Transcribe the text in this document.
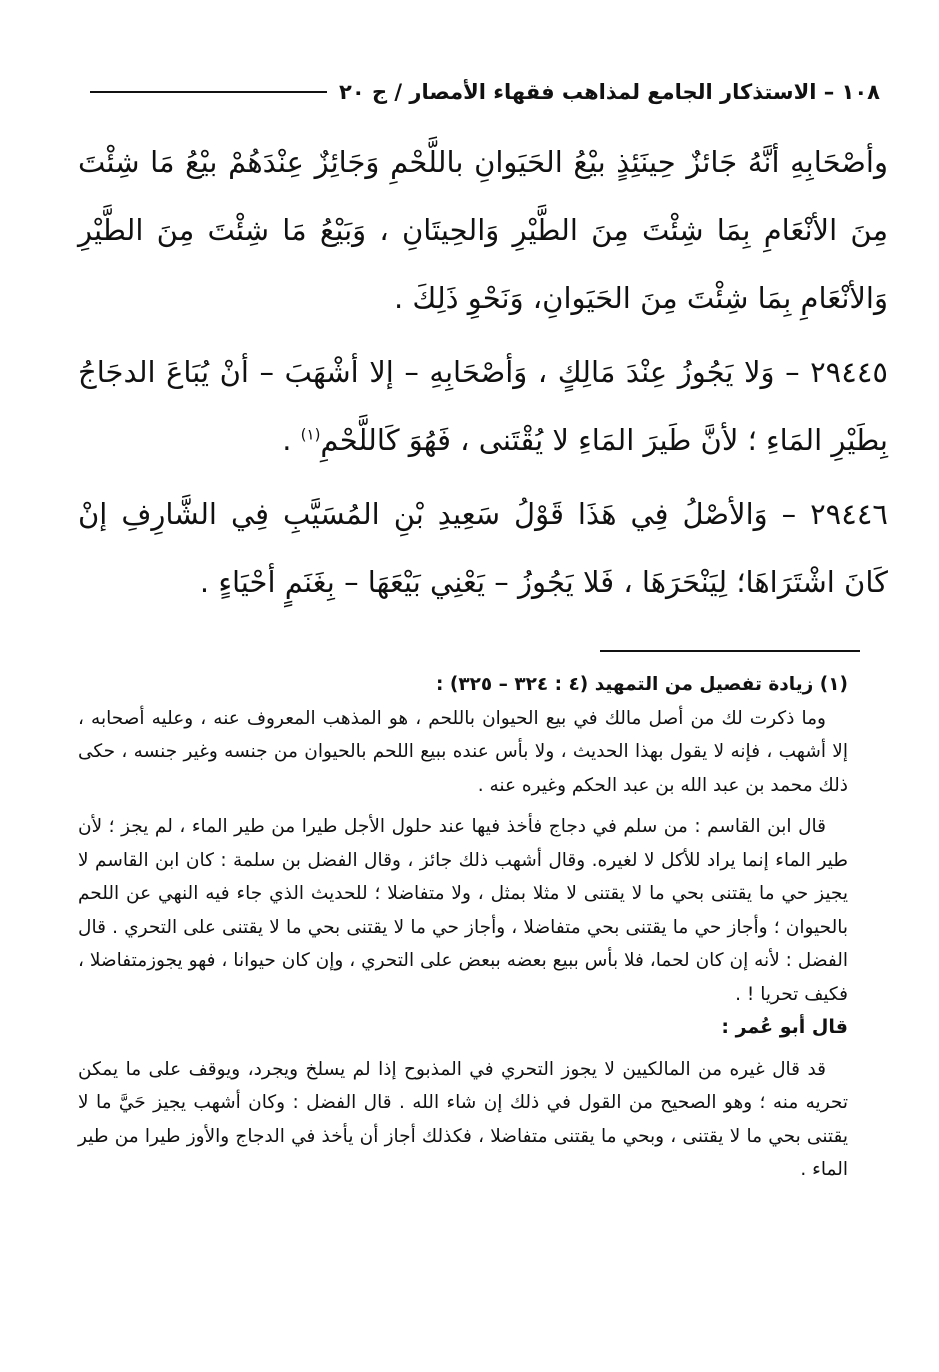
١٠٨ – الاستذكار الجامع لمذاهب فقهاء الأمصار / ج ٢٠

وأصْحَابِهِ أنَّهُ جَائزٌ حِينَئِذٍ بيْعُ الحَيَوانِ باللَّحْمِ وَجَائِزٌ عِنْدَهُمْ بيْعُ مَا شِئْتَ مِنَ الأنْعَامِ بِمَا شِئْتَ مِنَ الطَّيْرِ وَالحِيتَانِ ، وَبَيْعُ مَا شِئْتَ مِنَ الطَّيْرِ وَالأنْعَامِ بِمَا شِئْتَ مِنَ الحَيَوانِ، وَنَحْوِ ذَلِكَ .

٢٩٤٤٥ – وَلا يَجُوزُ عِنْدَ مَالِكٍ ، وَأصْحَابِهِ – إلا أشْهَبَ – أنْ يُبَاعَ الدجَاجُ بِطَيْرِ المَاءِ ؛ لأنَّ طَيرَ المَاءِ لا يُقْتَنى ، فَهُوَ كَاللَّحْمِ$^{(١)}$ .

٢٩٤٤٦ – وَالأصْلُ فِي هَذَا قَوْلُ سَعِيدِ بْنِ المُسَيَّبِ فِي الشَّارِفِ إنْ كَانَ اشْتَرَاهَا؛ لِيَنْحَرَهَا ، فَلا يَجُوزُ – يَعْنِي بَيْعَهَا – بِغَنَمٍ أحْيَاءٍ .

(١) زيادة تفصيل من التمهيد (٤ : ٣٢٤ – ٣٢٥) :

وما ذكرت لك من أصل مالك في بيع الحيوان باللحم ، هو المذهب المعروف عنه ، وعليه أصحابه ، إلا أشهب ، فإنه لا يقول بهذا الحديث ، ولا بأس عنده ببيع اللحم بالحيوان من جنسه وغير جنسه ، حكى ذلك محمد بن عبد الله بن عبد الحكم وغيره عنه .

قال ابن القاسم : من سلم في دجاج فأخذ فيها عند حلول الأجل طيرا من طير الماء ، لم يجز ؛ لأن طير الماء إنما يراد للأكل لا لغيره. وقال أشهب ذلك جائز ، وقال الفضل بن سلمة : كان ابن القاسم لا يجيز حي ما يقتنى بحي ما لا يقتنى لا مثلا بمثل ، ولا متفاضلا ؛ للحديث الذي جاء فيه النهي عن اللحم بالحيوان ؛ وأجاز حي ما يقتنى بحي متفاضلا ، وأجاز حي ما لا يقتنى بحي ما لا يقتنى على التحري . قال الفضل : لأنه إن كان لحما، فلا بأس ببيع بعضه ببعض على التحري ، وإن كان حيوانا ، فهو يجوزمتفاضلا ، فكيف تحريا ! .

قال أبو عُمر :

قد قال غيره من المالكيين لا يجوز التحري في المذبوح إذا لم يسلخ ويجرد، ويوقف على ما يمكن تحريه منه ؛ وهو الصحيح من القول في ذلك إن شاء الله . قال الفضل : وكان أشهب يجيز حَيَّ ما لا يقتنى بحي ما لا يقتنى ، وبحي ما يقتنى متفاضلا ، فكذلك أجاز أن يأخذ في الدجاج والأوز طيرا من طير الماء .
